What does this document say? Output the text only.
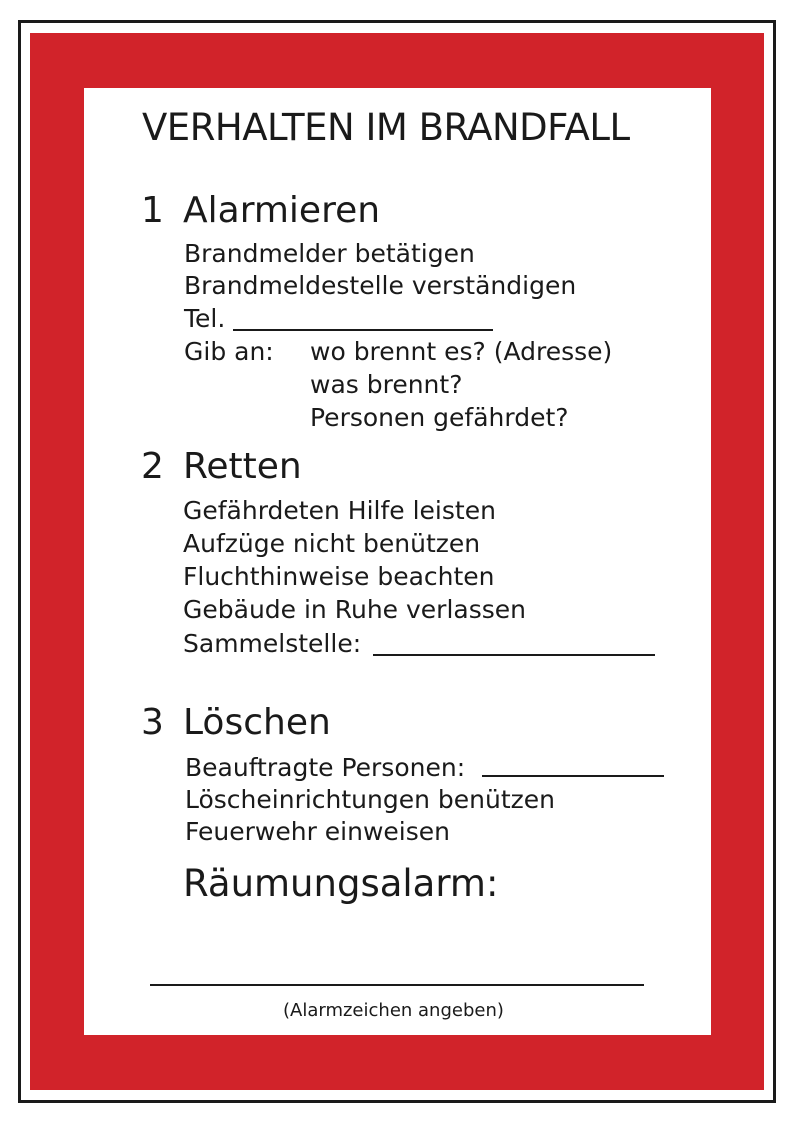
VERHALTEN IM BRANDFALL
1 Alarmieren
Brandmelder betätigen
Brandmeldestelle verständigen
Tel.
Gib an: wo brennt es? (Adresse)
was brennt?
Personen gefährdet?
2 Retten
Gefährdeten Hilfe leisten
Aufzüge nicht benützen
Fluchthinweise beachten
Gebäude in Ruhe verlassen
Sammelstelle:
3 Löschen
Beauftragte Personen:
Löscheinrichtungen benützen
Feuerwehr einweisen
Räumungsalarm:
(Alarmzeichen angeben)
